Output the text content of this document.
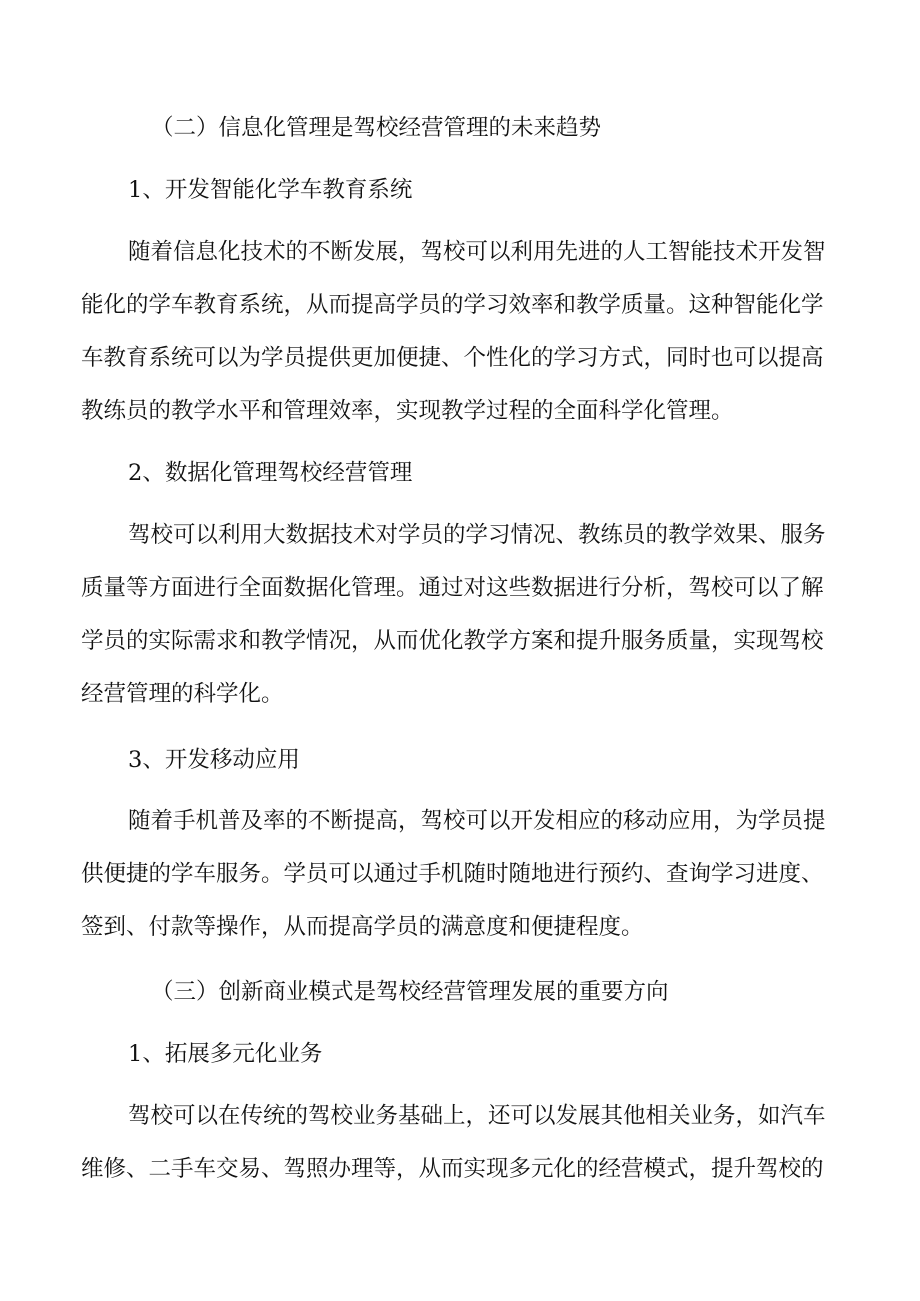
（二）信息化管理是驾校经营管理的未来趋势

1、开发智能化学车教育系统

随着信息化技术的不断发展，驾校可以利用先进的人工智能技术开发智

能化的学车教育系统，从而提高学员的学习效率和教学质量。这种智能化学

车教育系统可以为学员提供更加便捷、个性化的学习方式，同时也可以提高

教练员的教学水平和管理效率，实现教学过程的全面科学化管理。

2、数据化管理驾校经营管理

驾校可以利用大数据技术对学员的学习情况、教练员的教学效果、服务

质量等方面进行全面数据化管理。通过对这些数据进行分析，驾校可以了解

学员的实际需求和教学情况，从而优化教学方案和提升服务质量，实现驾校

经营管理的科学化。

3、开发移动应用

随着手机普及率的不断提高，驾校可以开发相应的移动应用，为学员提

供便捷的学车服务。学员可以通过手机随时随地进行预约、查询学习进度、

签到、付款等操作，从而提高学员的满意度和便捷程度。

（三）创新商业模式是驾校经营管理发展的重要方向

1、拓展多元化业务

驾校可以在传统的驾校业务基础上，还可以发展其他相关业务，如汽车

维修、二手车交易、驾照办理等，从而实现多元化的经营模式，提升驾校的
